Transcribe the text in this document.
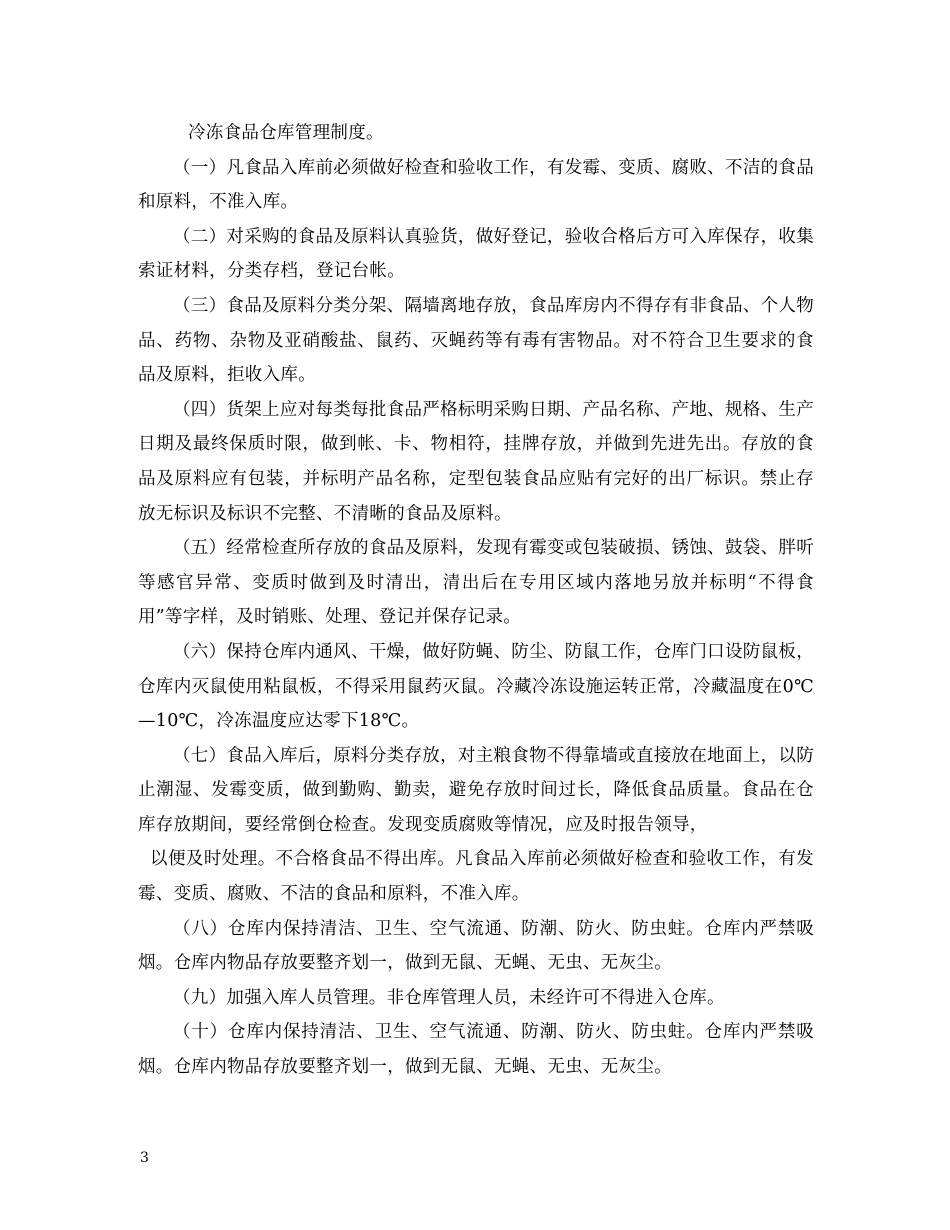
冷冻食品仓库管理制度。

（一）凡食品入库前必须做好检查和验收工作，有发霉、变质、腐败、不洁的食品和原料，不准入库。

（二）对采购的食品及原料认真验货，做好登记，验收合格后方可入库保存，收集索证材料，分类存档，登记台帐。

（三）食品及原料分类分架、隔墙离地存放，食品库房内不得存有非食品、个人物品、药物、杂物及亚硝酸盐、鼠药、灭蝇药等有毒有害物品。对不符合卫生要求的食品及原料，拒收入库。

（四）货架上应对每类每批食品严格标明采购日期、产品名称、产地、规格、生产日期及最终保质时限，做到帐、卡、物相符，挂牌存放，并做到先进先出。存放的食品及原料应有包装，并标明产品名称，定型包装食品应贴有完好的出厂标识。禁止存放无标识及标识不完整、不清晰的食品及原料。

（五）经常检查所存放的食品及原料，发现有霉变或包装破损、锈蚀、鼓袋、胖听等感官异常、变质时做到及时清出，清出后在专用区域内落地另放并标明“不得食用”等字样，及时销账、处理、登记并保存记录。

（六）保持仓库内通风、干燥，做好防蝇、防尘、防鼠工作，仓库门口设防鼠板，仓库内灭鼠使用粘鼠板，不得采用鼠药灭鼠。冷藏冷冻设施运转正常，冷藏温度在0℃—10℃，冷冻温度应达零下18℃。

（七）食品入库后，原料分类存放，对主粮食物不得靠墙或直接放在地面上，以防止潮湿、发霉变质，做到勤购、勤卖，避免存放时间过长，降低食品质量。食品在仓库存放期间，要经常倒仓检查。发现变质腐败等情况，应及时报告领导，

以便及时处理。不合格食品不得出库。凡食品入库前必须做好检查和验收工作，有发霉、变质、腐败、不洁的食品和原料，不准入库。

（八）仓库内保持清洁、卫生、空气流通、防潮、防火、防虫蛀。仓库内严禁吸烟。仓库内物品存放要整齐划一，做到无鼠、无蝇、无虫、无灰尘。

（九）加强入库人员管理。非仓库管理人员，未经许可不得进入仓库。

（十）仓库内保持清洁、卫生、空气流通、防潮、防火、防虫蛀。仓库内严禁吸烟。仓库内物品存放要整齐划一，做到无鼠、无蝇、无虫、无灰尘。

3
